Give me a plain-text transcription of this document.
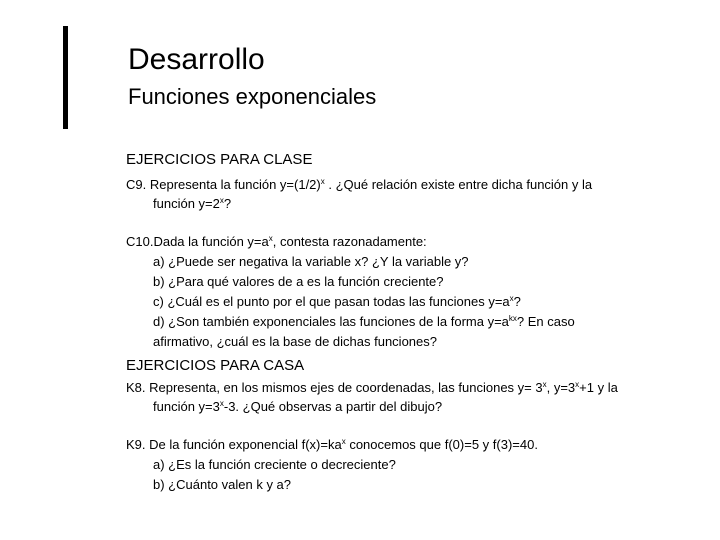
Desarrollo
Funciones exponenciales

EJERCICIOS PARA CLASE

C9. Representa la función $y=(1/2)^x$ . ¿Qué relación existe entre dicha función y la
función $y=2^x$?

C10.Dada la función $y=a^x$, contesta razonadamente:

a) ¿Puede ser negativa la variable x? ¿Y la variable y?
b) ¿Para qué valores de a es la función creciente?
c) ¿Cuál es el punto por el que pasan todas las funciones $y=a^x$?
d) ¿Son también exponenciales las funciones de la forma $y=a^{kx}$? En caso
afirmativo, ¿cuál es la base de dichas funciones?

EJERCICIOS PARA CASA

K8. Representa, en los mismos ejes de coordenadas, las funciones $y= 3^x$, $y=3^x+1$ y la
función $y=3^x-3$. ¿Qué observas a partir del dibujo?

K9. De la función exponencial $f(x)=ka^x$ conocemos que f(0)=5 y f(3)=40.

a) ¿Es la función creciente o decreciente?
b) ¿Cuánto valen k y a?
